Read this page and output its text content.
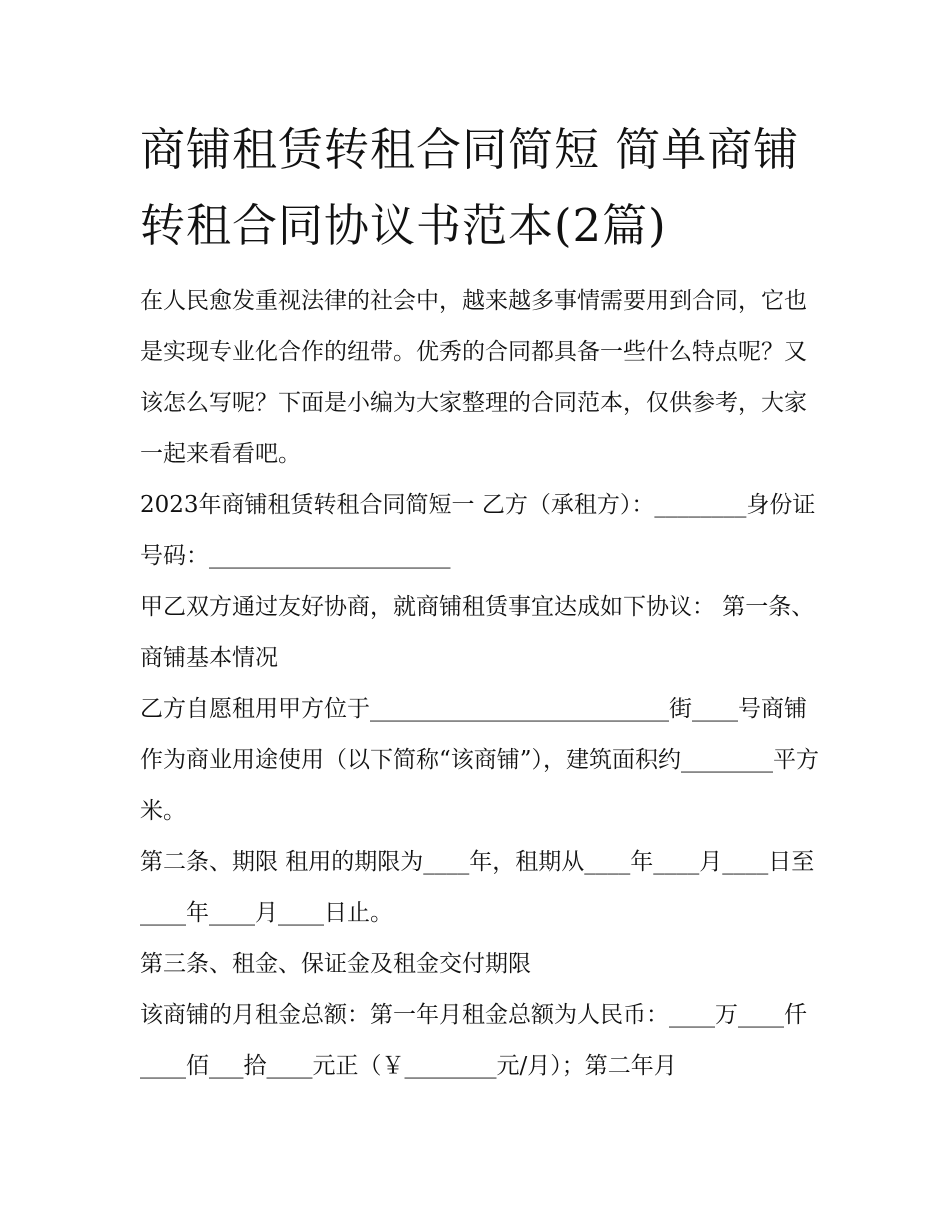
商铺租赁转租合同简短 简单商铺转租合同协议书范本(2篇)

在人民愈发重视法律的社会中，越来越多事情需要用到合同，它也是实现专业化合作的纽带。优秀的合同都具备一些什么特点呢？又该怎么写呢？下面是小编为大家整理的合同范本，仅供参考，大家一起来看看吧。

2023年商铺租赁转租合同简短一 乙方（承租方）：________身份证号码：_____________________

甲乙双方通过友好协商，就商铺租赁事宜达成如下协议： 第一条、商铺基本情况

乙方自愿租用甲方位于__________________________街____号商铺作为商业用途使用（以下简称“该商铺”），建筑面积约________平方米。

第二条、期限 租用的期限为____年，租期从____年____月____日至____年____月____日止。

第三条、租金、保证金及租金交付期限

该商铺的月租金总额：第一年月租金总额为人民币：____万____仟____佰___拾____元正（￥________元/月）；第二年月
